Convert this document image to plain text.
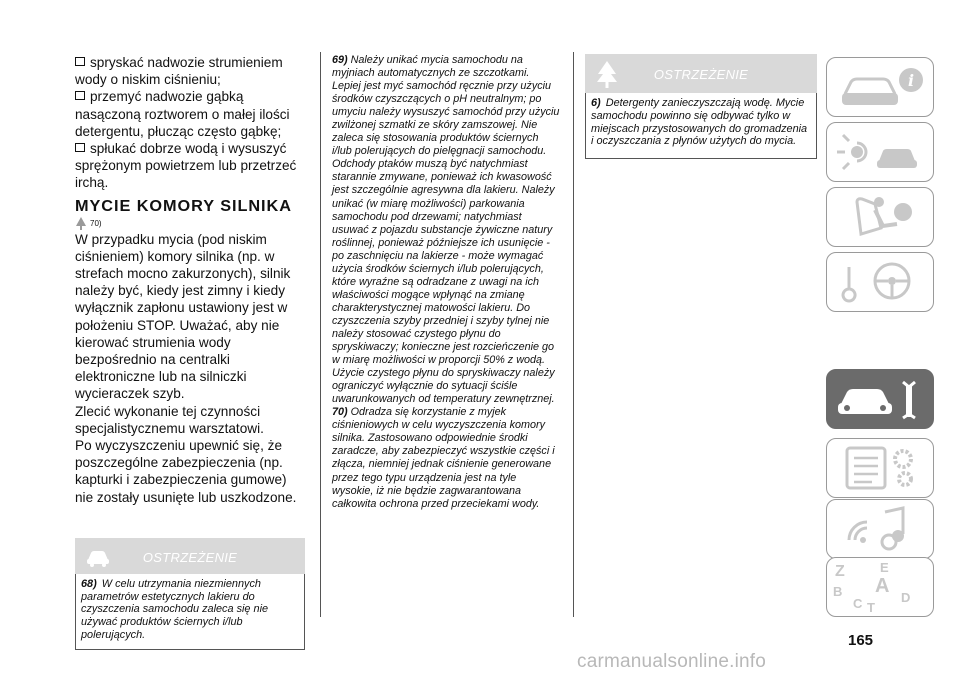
spryskać nadwozie strumieniem wody o niskim ciśnieniu;

przemyć nadwozie gąbką nasączoną roztworem o małej ilości detergentu, płucząc często gąbkę;

spłukać dobrze wodą i wysuszyć sprężonym powietrzem lub przetrzeć irchą.

MYCIE KOMORY SILNIKA
70)

W przypadku mycia (pod niskim ciśnieniem) komory silnika (np. w strefach mocno zakurzonych), silnik należy być, kiedy jest zimny i kiedy wyłącznik zapłonu ustawiony jest w położeniu STOP. Uważać, aby nie kierować strumienia wody bezpośrednio na centralki elektroniczne lub na silniczki wycieraczek szyb.

Zlecić wykonanie tej czynności specjalistycznemu warsztatowi.

Po wyczyszczeniu upewnić się, że poszczególne zabezpieczenia (np. kapturki i zabezpieczenia gumowe) nie zostały usunięte lub uszkodzone.

OSTRZEŻENIE
68) W celu utrzymania niezmiennych parametrów estetycznych lakieru do czyszczenia samochodu zaleca się nie używać produktów ściernych i/lub polerujących.

69) Należy unikać mycia samochodu na myjniach automatycznych ze szczotkami. Lepiej jest myć samochód ręcznie przy użyciu środków czyszczących o pH neutralnym; po umyciu należy wysuszyć samochód przy użyciu zwilżonej szmatki ze skóry zamszowej. Nie zaleca się stosowania produktów ściernych i/lub polerujących do pielęgnacji samochodu. Odchody ptaków muszą być natychmiast starannie zmywane, ponieważ ich kwasowość jest szczególnie agresywna dla lakieru. Należy unikać (w miarę możliwości) parkowania samochodu pod drzewami; natychmiast usuwać z pojazdu substancje żywiczne natury roślinnej, ponieważ późniejsze ich usunięcie - po zaschnięciu na lakierze - może wymagać użycia środków ściernych i/lub polerujących, które wyraźne są odradzane z uwagi na ich właściwości mogące wpłynąć na zmianę charakterystycznej matowości lakieru. Do czyszczenia szyby przedniej i szyby tylnej nie należy stosować czystego płynu do spryskiwaczy; konieczne jest rozcieńczenie go w miarę możliwości w proporcji 50% z wodą. Użycie czystego płynu do spryskiwaczy należy ograniczyć wyłącznie do sytuacji ściśle uwarunkowanych od temperatury zewnętrznej.

70) Odradza się korzystanie z myjek ciśnieniowych w celu wyczyszczenia komory silnika. Zastosowano odpowiednie środki zaradcze, aby zabezpieczyć wszystkie części i złącza, niemniej jednak ciśnienie generowane przez tego typu urządzenia jest na tyle wysokie, iż nie będzie zagwarantowana całkowita ochrona przed przeciekami wody.

OSTRZEŻENIE
6) Detergenty zanieczyszczają wodę. Mycie samochodu powinno się odbywać tylko w miejscach przystosowanych do gromadzenia i oczyszczania z płynów użytych do mycia.
i
Z	E
B A
C T
D
165
carmanualsonline.info
